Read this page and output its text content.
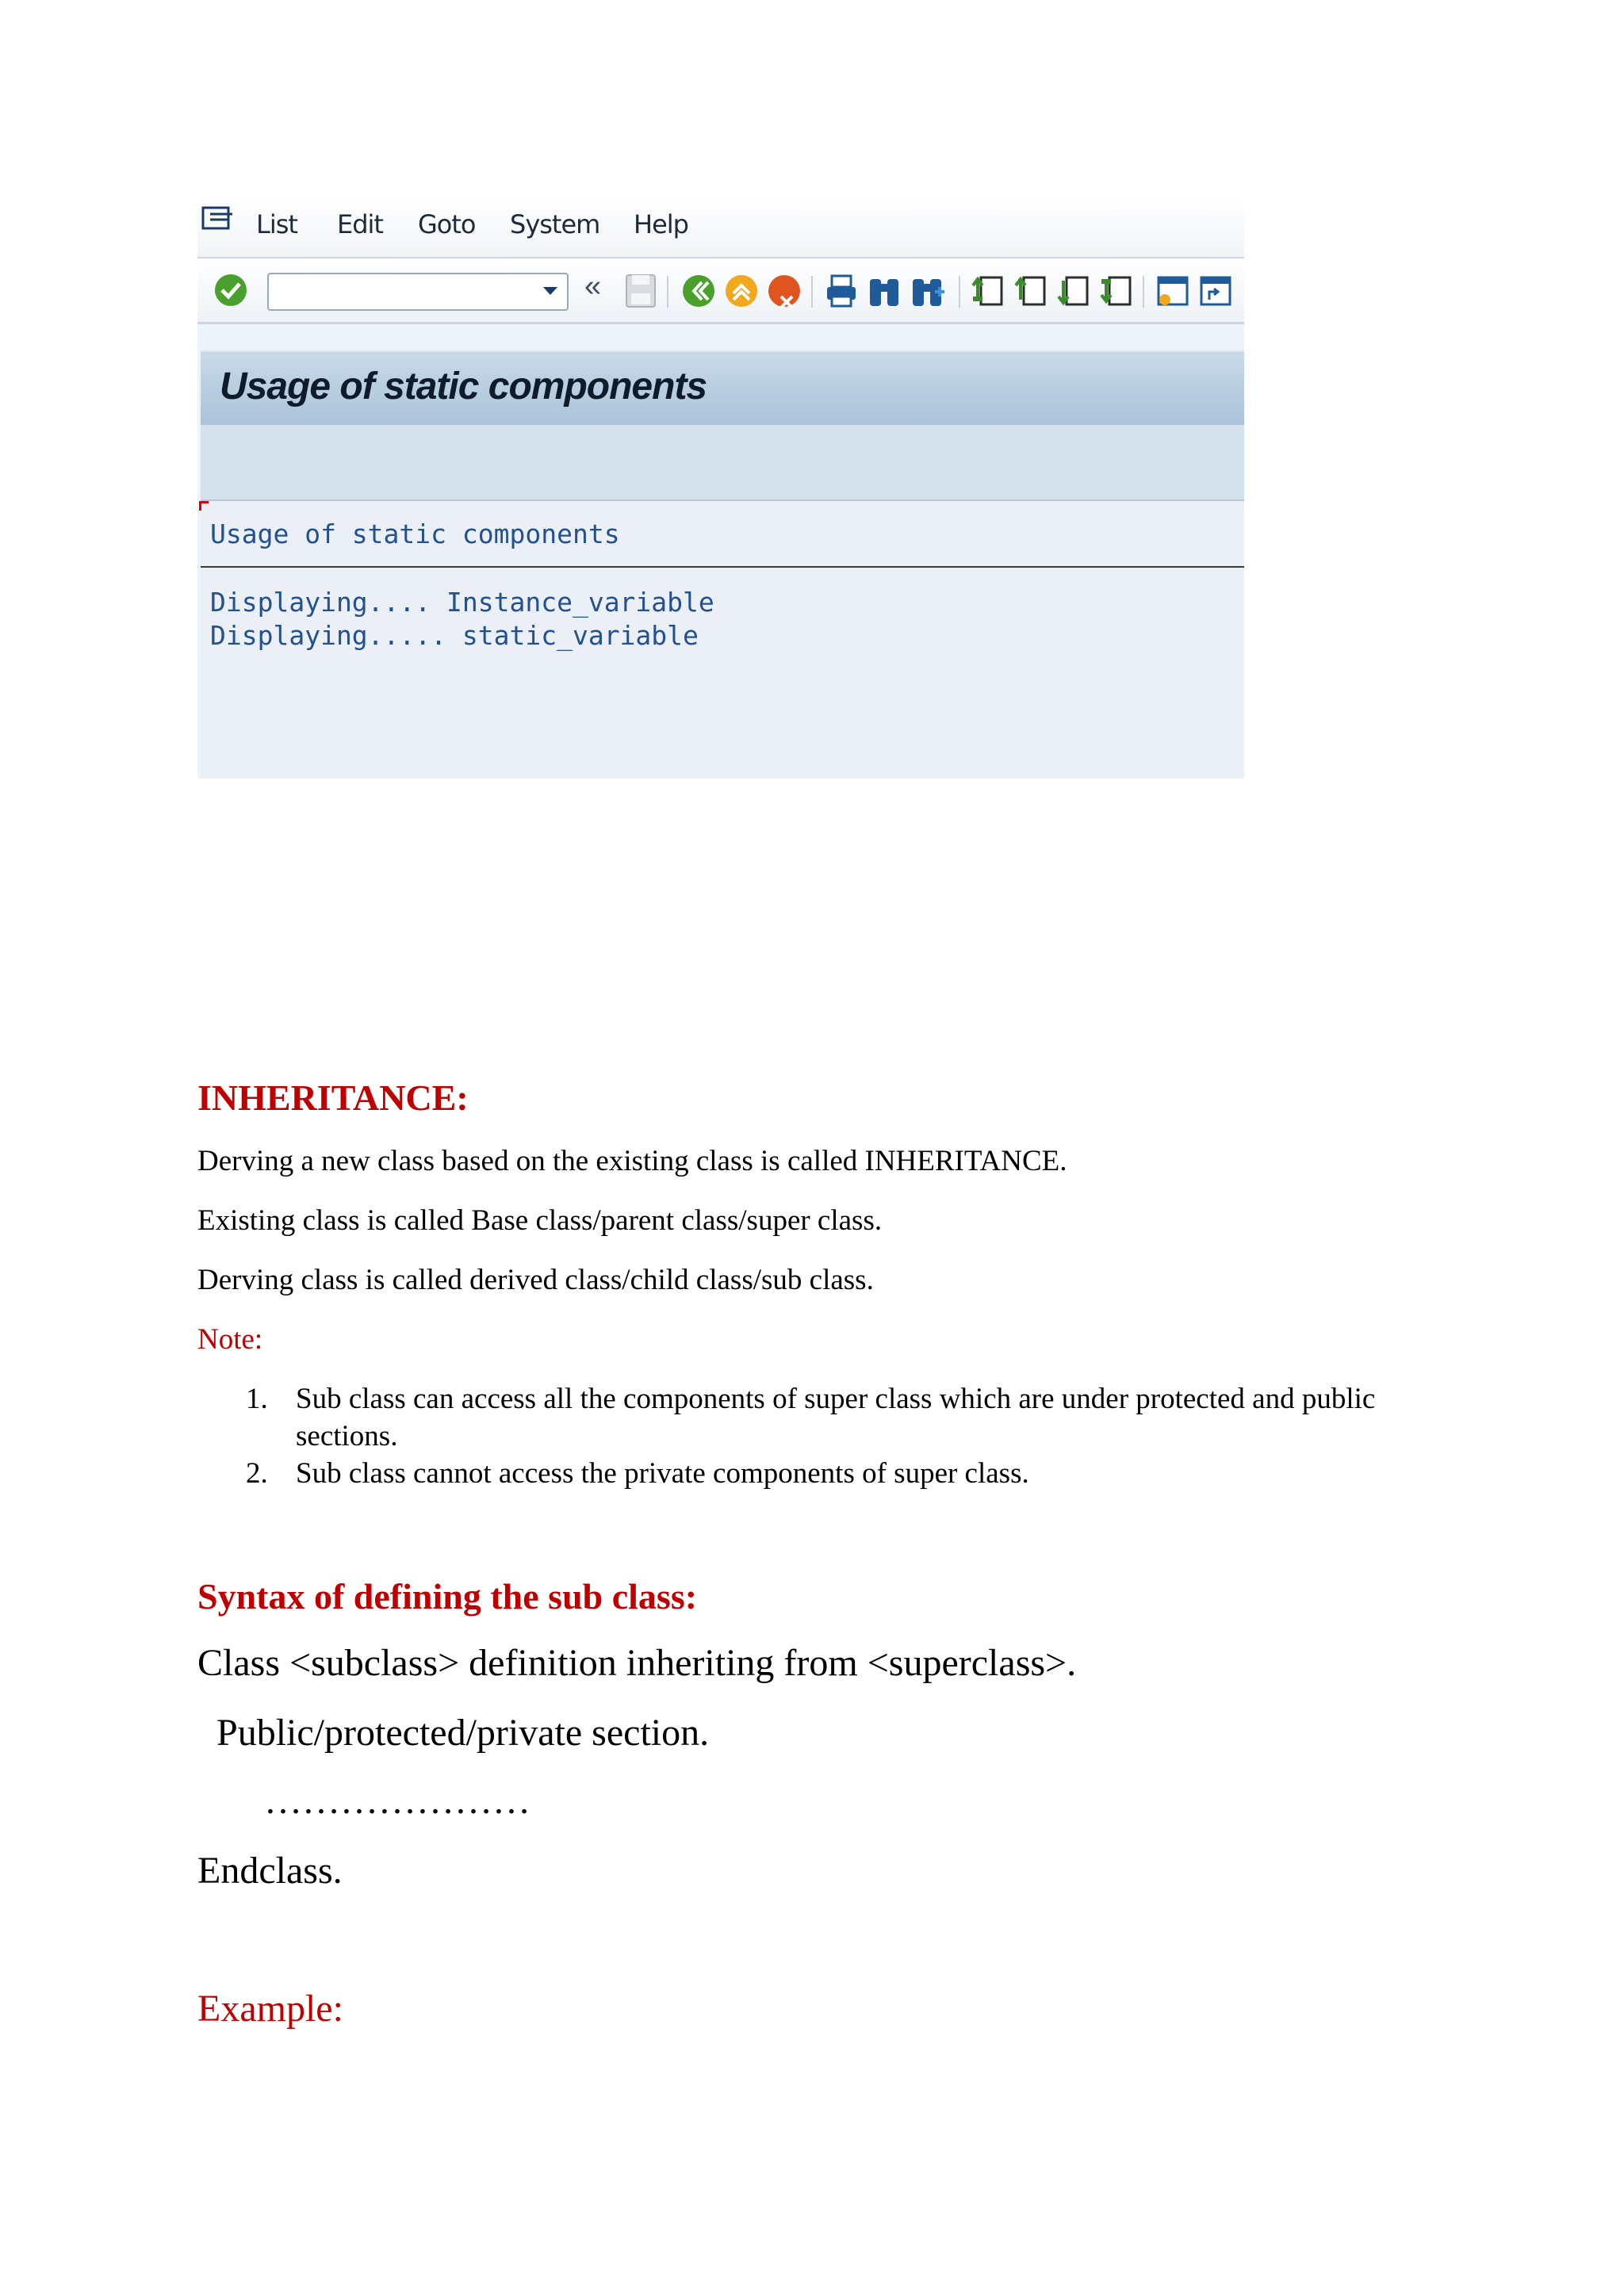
List Edit Goto System Help
«
Usage of static components
Usage of static components
Displaying.... Instance_variable
Displaying..... static_variable
INHERITANCE:
Derving a new class based on the existing class is called INHERITANCE.
Existing class is called Base class/parent class/super class.
Derving class is called derived class/child class/sub class.
Note:
1. Sub class can access all the components of super class which are under protected and public
sections.
2. Sub class cannot access the private components of super class.
Syntax of defining the sub class:
Class <subclass> definition inheriting from <superclass>.
Public/protected/private section.
…………………
Endclass.
Example:
